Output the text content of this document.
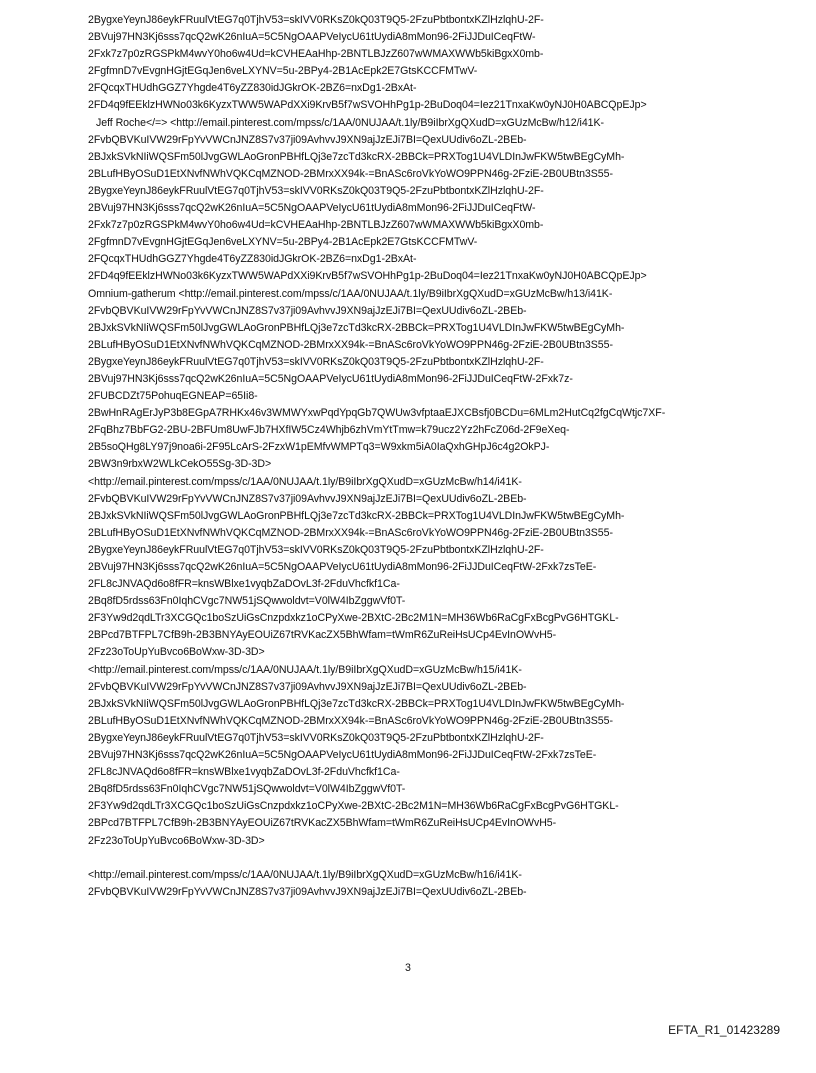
2BygxeYeynJ86eykFRuulVtEG7q0TjhV53=skIVV0RKsZ0kQ03T9Q5-2FzuPbtbontxKZlHzlqhU-2F-
2BVuj97HN3Kj6sss7qcQ2wK26nIuA=5C5NgOAAPVeIycU61tUydiA8mMon96-2FiJJDuICeqFtW-
2Fxk7z7p0zRGSPkM4wvY0ho6w4Ud=kCVHEAaHhp-2BNTLBJzZ607wWMAXWWb5kiBgxX0mb-
2FgfmnD7vEvgnHGjtEGqJen6veLXYNV=5u-2BPy4-2B1AcEpk2E7GtsKCCFMTwV-
2FQcqxTHUdhGGZ7Yhgde4T6yZZ830idJGkrOK-2BZ6=nxDg1-2BxAt-
2FD4q9fEEklzHWNo03k6KyzxTWW5WAPdXXi9KrvB5f7wSVOHhPg1p-2BuDoq04=Iez21TnxaKw0yNJ0H0ABCQpEJp>
Jeff Roche</=> <http://email.pinterest.com/mpss/c/1AA/0NUJAA/t.1ly/B9iIbrXgQXudD=xGUzMcBw/h12/i41K-
2FvbQBVKuIVW29rFpYvVWCnJNZ8S7v37ji09AvhvvJ9XN9ajJzEJi7BI=QexUUdiv6oZL-2BEb-
2BJxkSVkNIiWQSFm50lJvgGWLAoGronPBHfLQj3e7zcTd3kcRX-2BBCk=PRXTog1U4VLDInJwFKW5twBEgCyMh-
2BLufHByOSuD1EtXNvfNWhVQKCqMZNOD-2BMrxXX94k-=BnASc6roVkYoWO9PPN46g-2FziE-2B0UBtn3S55-
2BygxeYeynJ86eykFRuulVtEG7q0TjhV53=skIVV0RKsZ0kQ03T9Q5-2FzuPbtbontxKZlHzlqhU-2F-
2BVuj97HN3Kj6sss7qcQ2wK26nIuA=5C5NgOAAPVeIycU61tUydiA8mMon96-2FiJJDuICeqFtW-
2Fxk7z7p0zRGSPkM4wvY0ho6w4Ud=kCVHEAaHhp-2BNTLBJzZ607wWMAXWWb5kiBgxX0mb-
2FgfmnD7vEvgnHGjtEGqJen6veLXYNV=5u-2BPy4-2B1AcEpk2E7GtsKCCFMTwV-
2FQcqxTHUdhGGZ7Yhgde4T6yZZ830idJGkrOK-2BZ6=nxDg1-2BxAt-
2FD4q9fEEklzHWNo03k6KyzxTWW5WAPdXXi9KrvB5f7wSVOHhPg1p-2BuDoq04=Iez21TnxaKw0yNJ0H0ABCQpEJp>
Omnium-gatherum <http://email.pinterest.com/mpss/c/1AA/0NUJAA/t.1ly/B9iIbrXgQXudD=xGUzMcBw/h13/i41K-
2FvbQBVKuIVW29rFpYvVWCnJNZ8S7v37ji09AvhvvJ9XN9ajJzEJi7BI=QexUUdiv6oZL-2BEb-
2BJxkSVkNIiWQSFm50lJvgGWLAoGronPBHfLQj3e7zcTd3kcRX-2BBCk=PRXTog1U4VLDInJwFKW5twBEgCyMh-
2BLufHByOSuD1EtXNvfNWhVQKCqMZNOD-2BMrxXX94k-=BnASc6roVkYoWO9PPN46g-2FziE-2B0UBtn3S55-
2BygxeYeynJ86eykFRuulVtEG7q0TjhV53=skIVV0RKsZ0kQ03T9Q5-2FzuPbtbontxKZlHzlqhU-2F-
2BVuj97HN3Kj6sss7qcQ2wK26nIuA=5C5NgOAAPVeIycU61tUydiA8mMon96-2FiJJDuICeqFtW-2Fxk7z-
2FUBCDZt75PohuqEGNEAP=65Ii8-
2BwHnRAgErJyP3b8EGpA7RHKx46v3WMWYxwPqdYpqGb7QWUw3vfptaaEJXCBsfj0BCDu=6MLm2HutCq2fgCqWtjc7XF-
2FqBhz7BbFG2-2BU-2BFUm8UwFJb7HXfIW5Cz4Whjb6zhVmYtTmw=k79ucz2Yz2hFcZ06d-2F9eXeq-
2B5soQHg8LY97j9noa6i-2F95LcArS-2FzxW1pEMfvWMPTq3=W9xkm5iA0IaQxhGHpJ6c4g2OkPJ-
2BW3n9rbxW2WLkCekO55Sg-3D-3D>
<http://email.pinterest.com/mpss/c/1AA/0NUJAA/t.1ly/B9iIbrXgQXudD=xGUzMcBw/h14/i41K-
2FvbQBVKuIVW29rFpYvVWCnJNZ8S7v37ji09AvhvvJ9XN9ajJzEJi7BI=QexUUdiv6oZL-2BEb-
2BJxkSVkNIiWQSFm50lJvgGWLAoGronPBHfLQj3e7zcTd3kcRX-2BBCk=PRXTog1U4VLDInJwFKW5twBEgCyMh-
2BLufHByOSuD1EtXNvfNWhVQKCqMZNOD-2BMrxXX94k-=BnASc6roVkYoWO9PPN46g-2FziE-2B0UBtn3S55-
2BygxeYeynJ86eykFRuulVtEG7q0TjhV53=skIVV0RKsZ0kQ03T9Q5-2FzuPbtbontxKZlHzlqhU-2F-
2BVuj97HN3Kj6sss7qcQ2wK26nIuA=5C5NgOAAPVeIycU61tUydiA8mMon96-2FiJJDuICeqFtW-2Fxk7zsTeE-
2FL8cJNVAQd6o8fFR=knsWBlxe1vyqbZaDOvL3f-2FduVhcfkf1Ca-
2Bq8fD5rdss63Fn0IqhCVgc7NW51jSQwwoldvt=V0lW4IbZggwVf0T-
2F3Yw9d2qdLTr3XCGQc1boSzUiGsCnzpdxkz1oCPyXwe-2BXtC-2Bc2M1N=MH36Wb6RaCgFxBcgPvG6HTGKL-
2BPcd7BTFPL7CfB9h-2B3BNYAyEOUiZ67tRVKacZX5BhWfam=tWmR6ZuReiHsUCp4EvInOWvH5-
2Fz23oToUpYuBvco6BoWxw-3D-3D>
<http://email.pinterest.com/mpss/c/1AA/0NUJAA/t.1ly/B9iIbrXgQXudD=xGUzMcBw/h15/i41K-
2FvbQBVKuIVW29rFpYvVWCnJNZ8S7v37ji09AvhvvJ9XN9ajJzEJi7BI=QexUUdiv6oZL-2BEb-
2BJxkSVkNIiWQSFm50lJvgGWLAoGronPBHfLQj3e7zcTd3kcRX-2BBCk=PRXTog1U4VLDInJwFKW5twBEgCyMh-
2BLufHByOSuD1EtXNvfNWhVQKCqMZNOD-2BMrxXX94k-=BnASc6roVkYoWO9PPN46g-2FziE-2B0UBtn3S55-
2BygxeYeynJ86eykFRuulVtEG7q0TjhV53=skIVV0RKsZ0kQ03T9Q5-2FzuPbtbontxKZlHzlqhU-2F-
2BVuj97HN3Kj6sss7qcQ2wK26nIuA=5C5NgOAAPVeIycU61tUydiA8mMon96-2FiJJDuICeqFtW-2Fxk7zsTeE-
2FL8cJNVAQd6o8fFR=knsWBlxe1vyqbZaDOvL3f-2FduVhcfkf1Ca-
2Bq8fD5rdss63Fn0IqhCVgc7NW51jSQwwoldvt=V0lW4IbZggwVf0T-
2F3Yw9d2qdLTr3XCGQc1boSzUiGsCnzpdxkz1oCPyXwe-2BXtC-2Bc2M1N=MH36Wb6RaCgFxBcgPvG6HTGKL-
2BPcd7BTFPL7CfB9h-2B3BNYAyEOUiZ67tRVKacZX5BhWfam=tWmR6ZuReiHsUCp4EvInOWvH5-
2Fz23oToUpYuBvco6BoWxw-3D-3D>
<http://email.pinterest.com/mpss/c/1AA/0NUJAA/t.1ly/B9iIbrXgQXudD=xGUzMcBw/h16/i41K-
2FvbQBVKuIVW29rFpYvVWCnJNZ8S7v37ji09AvhvvJ9XN9ajJzEJi7BI=QexUUdiv6oZL-2BEb-
3
EFTA_R1_01423289
